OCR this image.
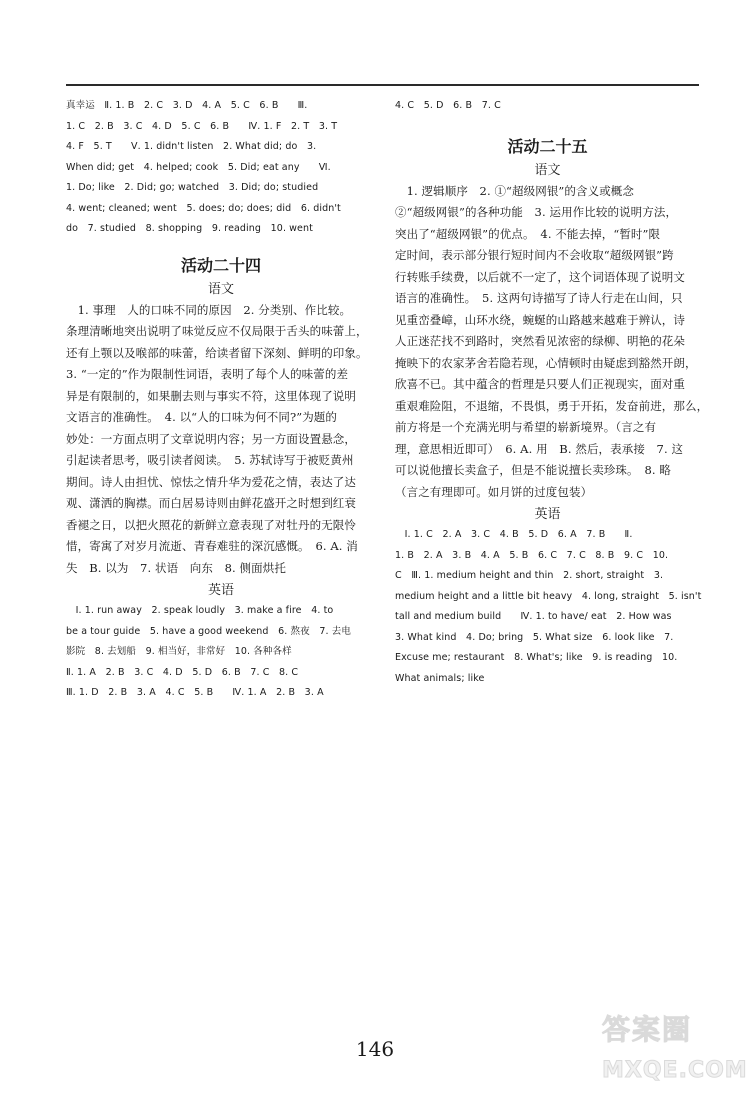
真幸运　Ⅱ. 1. B　2. C　3. D　4. A　5. C　6. B　　Ⅲ.
1. C　2. B　3. C　4. D　5. C　6. B　　Ⅳ. 1. F　2. T　3. T
4. F　5. T　　Ⅴ. 1. didn't listen　2. What did; do　3.
When did; get　4. helped; cook　5. Did; eat any　　Ⅵ.
1. Do; like　2. Did; go; watched　3. Did; do; studied
4. went; cleaned; went　5. does; do; does; did　6. didn't
do　7. studied　8. shopping　9. reading　10. went
活动二十四
语文
　1. 事理　人的口味不同的原因　2. 分类别、作比较。
条理清晰地突出说明了味觉反应不仅局限于舌头的味蕾上，
还有上颚以及喉部的味蕾，给读者留下深刻、鲜明的印象。
3. “一定的”作为限制性词语，表明了每个人的味蕾的差
异是有限制的，如果删去则与事实不符，这里体现了说明
文语言的准确性。　4. 以“人的口味为何不同?”为题的
妙处：一方面点明了文章说明内容；另一方面设置悬念，
引起读者思考，吸引读者阅读。　5. 苏轼诗写于被贬黄州
期间。诗人由担忧、惊怯之情升华为爱花之情，表达了达
观、潇洒的胸襟。而白居易诗则由鲜花盛开之时想到红衰
香褪之日，以把火照花的新鲜立意表现了对牡丹的无限怜
惜，寄寓了对岁月流逝、青春难驻的深沉感慨。　6. A. 消
失　B. 以为　7. 状语　向东　8. 侧面烘托
英语
　Ⅰ. 1. run away　2. speak loudly　3. make a fire　4. to
be a tour guide　5. have a good weekend　6. 熬夜　7. 去电
影院　8. 去划船　9. 相当好，非常好　10. 各种各样
Ⅱ. 1. A　2. B　3. C　4. D　5. D　6. B　7. C　8. C
Ⅲ. 1. D　2. B　3. A　4. C　5. B　　Ⅳ. 1. A　2. B　3. A
4. C　5. D　6. B　7. C
活动二十五
语文
　1. 逻辑顺序　2. ①“超级网银”的含义或概念
②“超级网银”的各种功能　3. 运用作比较的说明方法，
突出了“超级网银”的优点。　4. 不能去掉，“暂时”限
定时间，表示部分银行短时间内不会收取“超级网银”跨
行转账手续费，以后就不一定了，这个词语体现了说明文
语言的准确性。　5. 这两句诗描写了诗人行走在山间，只
见重峦叠嶂，山环水绕，蜿蜒的山路越来越难于辨认，诗
人正迷茫找不到路时，突然看见浓密的绿柳、明艳的花朵
掩映下的农家茅舍若隐若现，心情顿时由疑虑到豁然开朗，
欣喜不已。其中蕴含的哲理是只要人们正视现实，面对重
重艰难险阻，不退缩，不畏惧，勇于开拓，发奋前进，那么，
前方将是一个充满光明与希望的崭新境界。（言之有
理，意思相近即可）　6. A. 用　B. 然后，表承接　7. 这
可以说他擅长卖盒子，但是不能说擅长卖珍珠。　8. 略
（言之有理即可。如月饼的过度包装）
英语
　Ⅰ. 1. C　2. A　3. C　4. B　5. D　6. A　7. B　　Ⅱ.
1. B　2. A　3. B　4. A　5. B　6. C　7. C　8. B　9. C　10.
C　Ⅲ. 1. medium height and thin　2. short, straight　3.
medium height and a little bit heavy　4. long, straight　5. isn't
tall and medium build　　Ⅳ. 1. to have/ eat　2. How was
3. What kind　4. Do; bring　5. What size　6. look like　7.
Excuse me; restaurant　8. What's; like　9. is reading　10.
What animals; like
146
答案圈
MXQE.COM
